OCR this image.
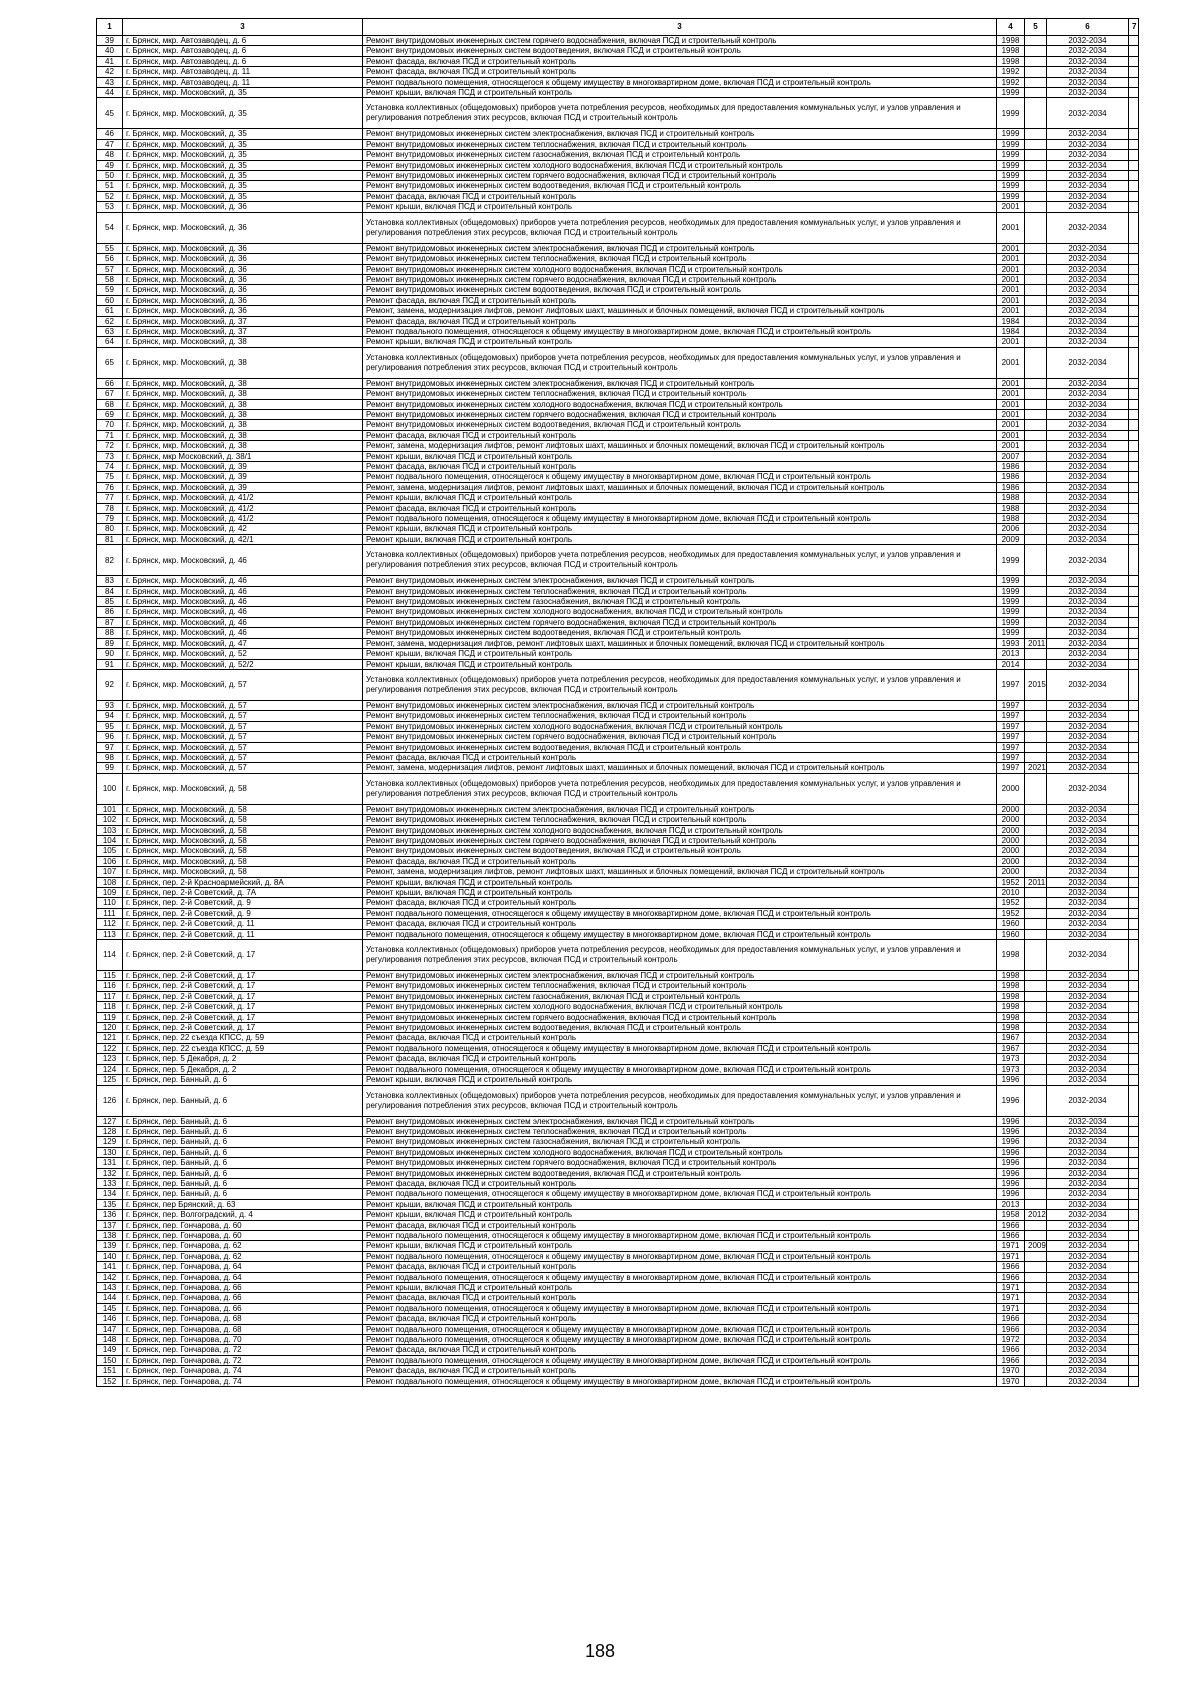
1	3	3	4	5	6	7
39	г. Брянск, мкр. Автозаводец, д. 6	Ремонт внутридомовых инженерных систем горячего водоснабжения, включая ПСД и строительный контроль	1998		2032-2034	
40	г. Брянск, мкр. Автозаводец, д. 6	Ремонт внутридомовых инженерных систем водоотведения, включая ПСД и строительный контроль	1998		2032-2034	
41	г. Брянск, мкр. Автозаводец, д. 6	Ремонт фасада, включая ПСД и строительный контроль	1998		2032-2034	
42	г. Брянск, мкр. Автозаводец, д. 11	Ремонт фасада, включая ПСД и строительный контроль	1992		2032-2034	
43	г. Брянск, мкр. Автозаводец, д. 11	Ремонт подвального помещения, относящегося к общему имуществу в многоквартирном доме, включая ПСД и строительный контроль	1992		2032-2034	
44	г. Брянск, мкр. Московский, д. 35	Ремонт крыши, включая ПСД и строительный контроль	1999		2032-2034	
45	г. Брянск, мкр. Московский, д. 35	Установка коллективных (общедомовых) приборов учета потребления ресурсов, необходимых для предоставления коммунальных услуг, и узлов управления и регулирования потребления этих ресурсов, включая ПСД и строительный контроль	1999		2032-2034	
46	г. Брянск, мкр. Московский, д. 35	Ремонт внутридомовых инженерных систем электроснабжения, включая ПСД и строительный контроль	1999		2032-2034	
47	г. Брянск, мкр. Московский, д. 35	Ремонт внутридомовых инженерных систем теплоснабжения, включая ПСД и строительный контроль	1999		2032-2034	
48	г. Брянск, мкр. Московский, д. 35	Ремонт внутридомовых инженерных систем газоснабжения, включая ПСД и строительный контроль	1999		2032-2034	
49	г. Брянск, мкр. Московский, д. 35	Ремонт внутридомовых инженерных систем холодного водоснабжения, включая ПСД и строительный контроль	1999		2032-2034	
50	г. Брянск, мкр. Московский, д. 35	Ремонт внутридомовых инженерных систем горячего водоснабжения, включая ПСД и строительный контроль	1999		2032-2034	
51	г. Брянск, мкр. Московский, д. 35	Ремонт внутридомовых инженерных систем водоотведения, включая ПСД и строительный контроль	1999		2032-2034	
52	г. Брянск, мкр. Московский, д. 35	Ремонт фасада, включая ПСД и строительный контроль	1999		2032-2034	
53	г. Брянск, мкр. Московский, д. 36	Ремонт крыши, включая ПСД и строительный контроль	2001		2032-2034	
54	г. Брянск, мкр. Московский, д. 36	Установка коллективных (общедомовых) приборов учета потребления ресурсов, необходимых для предоставления коммунальных услуг, и узлов управления и регулирования потребления этих ресурсов, включая ПСД и строительный контроль	2001		2032-2034	
55	г. Брянск, мкр. Московский, д. 36	Ремонт внутридомовых инженерных систем электроснабжения, включая ПСД и строительный контроль	2001		2032-2034	
56	г. Брянск, мкр. Московский, д. 36	Ремонт внутридомовых инженерных систем теплоснабжения, включая ПСД и строительный контроль	2001		2032-2034	
57	г. Брянск, мкр. Московский, д. 36	Ремонт внутридомовых инженерных систем холодного водоснабжения, включая ПСД и строительный контроль	2001		2032-2034	
58	г. Брянск, мкр. Московский, д. 36	Ремонт внутридомовых инженерных систем горячего водоснабжения, включая ПСД и строительный контроль	2001		2032-2034	
59	г. Брянск, мкр. Московский, д. 36	Ремонт внутридомовых инженерных систем водоотведения, включая ПСД и строительный контроль	2001		2032-2034	
60	г. Брянск, мкр. Московский, д. 36	Ремонт фасада, включая ПСД и строительный контроль	2001		2032-2034	
61	г. Брянск, мкр. Московский, д. 36	Ремонт, замена, модернизация лифтов, ремонт лифтовых шахт, машинных и блочных помещений, включая ПСД и строительный контроль	2001		2032-2034	
62	г. Брянск, мкр. Московский, д. 37	Ремонт фасада, включая ПСД и строительный контроль	1984		2032-2034	
63	г. Брянск, мкр. Московский, д. 37	Ремонт подвального помещения, относящегося к общему имуществу в многоквартирном доме, включая ПСД и строительный контроль	1984		2032-2034	
64	г. Брянск, мкр. Московский, д. 38	Ремонт крыши, включая ПСД и строительный контроль	2001		2032-2034	
65	г. Брянск, мкр. Московский, д. 38	Установка коллективных (общедомовых) приборов учета потребления ресурсов, необходимых для предоставления коммунальных услуг, и узлов управления и регулирования потребления этих ресурсов, включая ПСД и строительный контроль	2001		2032-2034	
66	г. Брянск, мкр. Московский, д. 38	Ремонт внутридомовых инженерных систем электроснабжения, включая ПСД и строительный контроль	2001		2032-2034	
67	г. Брянск, мкр. Московский, д. 38	Ремонт внутридомовых инженерных систем теплоснабжения, включая ПСД и строительный контроль	2001		2032-2034	
68	г. Брянск, мкр. Московский, д. 38	Ремонт внутридомовых инженерных систем холодного водоснабжения, включая ПСД и строительный контроль	2001		2032-2034	
69	г. Брянск, мкр. Московский, д. 38	Ремонт внутридомовых инженерных систем горячего водоснабжения, включая ПСД и строительный контроль	2001		2032-2034	
70	г. Брянск, мкр. Московский, д. 38	Ремонт внутридомовых инженерных систем водоотведения, включая ПСД и строительный контроль	2001		2032-2034	
71	г. Брянск, мкр. Московский, д. 38	Ремонт фасада, включая ПСД и строительный контроль	2001		2032-2034	
72	г. Брянск, мкр. Московский, д. 38	Ремонт, замена, модернизация лифтов, ремонт лифтовых шахт, машинных и блочных помещений, включая ПСД и строительный контроль	2001		2032-2034	
73	г. Брянск, мкр Московский, д. 38/1	Ремонт крыши, включая ПСД и строительный контроль	2007		2032-2034	
74	г. Брянск, мкр. Московский, д. 39	Ремонт фасада, включая ПСД и строительный контроль	1986		2032-2034	
75	г. Брянск, мкр. Московский, д. 39	Ремонт подвального помещения, относящегося к общему имуществу в многоквартирном доме, включая ПСД и строительный контроль	1986		2032-2034	
76	г. Брянск, мкр. Московский, д. 39	Ремонт, замена, модернизация лифтов, ремонт лифтовых шахт, машинных и блочных помещений, включая ПСД и строительный контроль	1986		2032-2034	
77	г. Брянск, мкр. Московский, д. 41/2	Ремонт крыши, включая ПСД и строительный контроль	1988		2032-2034	
78	г. Брянск, мкр. Московский, д. 41/2	Ремонт фасада, включая ПСД и строительный контроль	1988		2032-2034	
79	г. Брянск, мкр. Московский, д. 41/2	Ремонт подвального помещения, относящегося к общему имуществу в многоквартирном доме, включая ПСД и строительный контроль	1988		2032-2034	
80	г. Брянск, мкр. Московский, д. 42	Ремонт крыши, включая ПСД и строительный контроль	2006		2032-2034	
81	г. Брянск, мкр. Московский, д. 42/1	Ремонт крыши, включая ПСД и строительный контроль	2009		2032-2034	
82	г. Брянск, мкр. Московский, д. 46	Установка коллективных (общедомовых) приборов учета потребления ресурсов, необходимых для предоставления коммунальных услуг, и узлов управления и регулирования потребления этих ресурсов, включая ПСД и строительный контроль	1999		2032-2034	
83	г. Брянск, мкр. Московский, д. 46	Ремонт внутридомовых инженерных систем электроснабжения, включая ПСД и строительный контроль	1999		2032-2034	
84	г. Брянск, мкр. Московский, д. 46	Ремонт внутридомовых инженерных систем теплоснабжения, включая ПСД и строительный контроль	1999		2032-2034	
85	г. Брянск, мкр. Московский, д. 46	Ремонт внутридомовых инженерных систем газоснабжения, включая ПСД и строительный контроль	1999		2032-2034	
86	г. Брянск, мкр. Московский, д. 46	Ремонт внутридомовых инженерных систем холодного водоснабжения, включая ПСД и строительный контроль	1999		2032-2034	
87	г. Брянск, мкр. Московский, д. 46	Ремонт внутридомовых инженерных систем горячего водоснабжения, включая ПСД и строительный контроль	1999		2032-2034	
88	г. Брянск, мкр. Московский, д. 46	Ремонт внутридомовых инженерных систем водоотведения, включая ПСД и строительный контроль	1999		2032-2034	
89	г. Брянск, мкр. Московский, д. 47	Ремонт, замена, модернизация лифтов, ремонт лифтовых шахт, машинных и блочных помещений, включая ПСД и строительный контроль	1993	2011	2032-2034	
90	г. Брянск, мкр. Московский, д. 52	Ремонт крыши, включая ПСД и строительный контроль	2013		2032-2034	
91	г. Брянск, мкр. Московский, д. 52/2	Ремонт крыши, включая ПСД и строительный контроль	2014		2032-2034	
92	г. Брянск, мкр. Московский, д. 57	Установка коллективных (общедомовых) приборов учета потребления ресурсов, необходимых для предоставления коммунальных услуг, и узлов управления и регулирования потребления этих ресурсов, включая ПСД и строительный контроль	1997	2015	2032-2034	
93	г. Брянск, мкр. Московский, д. 57	Ремонт внутридомовых инженерных систем электроснабжения, включая ПСД и строительный контроль	1997		2032-2034	
94	г. Брянск, мкр. Московский, д. 57	Ремонт внутридомовых инженерных систем теплоснабжения, включая ПСД и строительный контроль	1997		2032-2034	
95	г. Брянск, мкр. Московский, д. 57	Ремонт внутридомовых инженерных систем холодного водоснабжения, включая ПСД и строительный контроль	1997		2032-2034	
96	г. Брянск, мкр. Московский, д. 57	Ремонт внутридомовых инженерных систем горячего водоснабжения, включая ПСД и строительный контроль	1997		2032-2034	
97	г. Брянск, мкр. Московский, д. 57	Ремонт внутридомовых инженерных систем водоотведения, включая ПСД и строительный контроль	1997		2032-2034	
98	г. Брянск, мкр. Московский, д. 57	Ремонт фасада, включая ПСД и строительный контроль	1997		2032-2034	
99	г. Брянск, мкр. Московский, д. 57	Ремонт, замена, модернизация лифтов, ремонт лифтовых шахт, машинных и блочных помещений, включая ПСД и строительный контроль	1997	2021	2032-2034	
100	г. Брянск, мкр. Московский, д. 58	Установка коллективных (общедомовых) приборов учета потребления ресурсов, необходимых для предоставления коммунальных услуг, и узлов управления и регулирования потребления этих ресурсов, включая ПСД и строительный контроль	2000		2032-2034	
101	г. Брянск, мкр. Московский, д. 58	Ремонт внутридомовых инженерных систем электроснабжения, включая ПСД и строительный контроль	2000		2032-2034	
102	г. Брянск, мкр. Московский, д. 58	Ремонт внутридомовых инженерных систем теплоснабжения, включая ПСД и строительный контроль	2000		2032-2034	
103	г. Брянск, мкр. Московский, д. 58	Ремонт внутридомовых инженерных систем холодного водоснабжения, включая ПСД и строительный контроль	2000		2032-2034	
104	г. Брянск, мкр. Московский, д. 58	Ремонт внутридомовых инженерных систем горячего водоснабжения, включая ПСД и строительный контроль	2000		2032-2034	
105	г. Брянск, мкр. Московский, д. 58	Ремонт внутридомовых инженерных систем водоотведения, включая ПСД и строительный контроль	2000		2032-2034	
106	г. Брянск, мкр. Московский, д. 58	Ремонт фасада, включая ПСД и строительный контроль	2000		2032-2034	
107	г. Брянск, мкр. Московский, д. 58	Ремонт, замена, модернизация лифтов, ремонт лифтовых шахт, машинных и блочных помещений, включая ПСД и строительный контроль	2000		2032-2034	
108	г. Брянск, пер. 2-й Красноармейский, д. 8А	Ремонт крыши, включая ПСД и строительный контроль	1952	2011	2032-2034	
109	г. Брянск, пер. 2-й Советский, д. 7А	Ремонт крыши, включая ПСД и строительный контроль	2010		2032-2034	
110	г. Брянск, пер. 2-й Советский, д. 9	Ремонт фасада, включая ПСД и строительный контроль	1952		2032-2034	
111	г. Брянск, пер. 2-й Советский, д. 9	Ремонт подвального помещения, относящегося к общему имуществу в многоквартирном доме, включая ПСД и строительный контроль	1952		2032-2034	
112	г. Брянск, пер. 2-й Советский, д. 11	Ремонт фасада, включая ПСД и строительный контроль	1960		2032-2034	
113	г. Брянск, пер. 2-й Советский, д. 11	Ремонт подвального помещения, относящегося к общему имуществу в многоквартирном доме, включая ПСД и строительный контроль	1960		2032-2034	
114	г. Брянск, пер. 2-й Советский, д. 17	Установка коллективных (общедомовых) приборов учета потребления ресурсов, необходимых для предоставления коммунальных услуг, и узлов управления и регулирования потребления этих ресурсов, включая ПСД и строительный контроль	1998		2032-2034	
115	г. Брянск, пер. 2-й Советский, д. 17	Ремонт внутридомовых инженерных систем электроснабжения, включая ПСД и строительный контроль	1998		2032-2034	
116	г. Брянск, пер. 2-й Советский, д. 17	Ремонт внутридомовых инженерных систем теплоснабжения, включая ПСД и строительный контроль	1998		2032-2034	
117	г. Брянск, пер. 2-й Советский, д. 17	Ремонт внутридомовых инженерных систем газоснабжения, включая ПСД и строительный контроль	1998		2032-2034	
118	г. Брянск, пер. 2-й Советский, д. 17	Ремонт внутридомовых инженерных систем холодного водоснабжения, включая ПСД и строительный контроль	1998		2032-2034	
119	г. Брянск, пер. 2-й Советский, д. 17	Ремонт внутридомовых инженерных систем горячего водоснабжения, включая ПСД и строительный контроль	1998		2032-2034	
120	г. Брянск, пер. 2-й Советский, д. 17	Ремонт внутридомовых инженерных систем водоотведения, включая ПСД и строительный контроль	1998		2032-2034	
121	г. Брянск, пер. 22 съезда КПСС, д. 59	Ремонт фасада, включая ПСД и строительный контроль	1967		2032-2034	
122	г. Брянск, пер. 22 съезда КПСС, д. 59	Ремонт подвального помещения, относящегося к общему имуществу в многоквартирном доме, включая ПСД и строительный контроль	1967		2032-2034	
123	г. Брянск, пер. 5 Декабря, д. 2	Ремонт фасада, включая ПСД и строительный контроль	1973		2032-2034	
124	г. Брянск, пер. 5 Декабря, д. 2	Ремонт подвального помещения, относящегося к общему имуществу в многоквартирном доме, включая ПСД и строительный контроль	1973		2032-2034	
125	г. Брянск, пер. Банный, д. 6	Ремонт крыши, включая ПСД и строительный контроль	1996		2032-2034	
126	г. Брянск, пер. Банный, д. 6	Установка коллективных (общедомовых) приборов учета потребления ресурсов, необходимых для предоставления коммунальных услуг, и узлов управления и регулирования потребления этих ресурсов, включая ПСД и строительный контроль	1996		2032-2034	
127	г. Брянск, пер. Банный, д. 6	Ремонт внутридомовых инженерных систем электроснабжения, включая ПСД и строительный контроль	1996		2032-2034	
128	г. Брянск, пер. Банный, д. 6	Ремонт внутридомовых инженерных систем теплоснабжения, включая ПСД и строительный контроль	1996		2032-2034	
129	г. Брянск, пер. Банный, д. 6	Ремонт внутридомовых инженерных систем газоснабжения, включая ПСД и строительный контроль	1996		2032-2034	
130	г. Брянск, пер. Банный, д. 6	Ремонт внутридомовых инженерных систем холодного водоснабжения, включая ПСД и строительный контроль	1996		2032-2034	
131	г. Брянск, пер. Банный, д. 6	Ремонт внутридомовых инженерных систем горячего водоснабжения, включая ПСД и строительный контроль	1996		2032-2034	
132	г. Брянск, пер. Банный, д. 6	Ремонт внутридомовых инженерных систем водоотведения, включая ПСД и строительный контроль	1996		2032-2034	
133	г. Брянск, пер. Банный, д. 6	Ремонт фасада, включая ПСД и строительный контроль	1996		2032-2034	
134	г. Брянск, пер. Банный, д. 6	Ремонт подвального помещения, относящегося к общему имуществу в многоквартирном доме, включая ПСД и строительный контроль	1996		2032-2034	
135	г. Брянск, пер Брянский, д. 63	Ремонт крыши, включая ПСД и строительный контроль	2013		2032-2034	
136	г. Брянск, пер. Волгоградский, д. 4	Ремонт крыши, включая ПСД и строительный контроль	1958	2012	2032-2034	
137	г. Брянск, пер. Гончарова, д. 60	Ремонт фасада, включая ПСД и строительный контроль	1966		2032-2034	
138	г. Брянск, пер. Гончарова, д. 60	Ремонт подвального помещения, относящегося к общему имуществу в многоквартирном доме, включая ПСД и строительный контроль	1966		2032-2034	
139	г. Брянск, пер. Гончарова, д. 62	Ремонт крыши, включая ПСД и строительный контроль	1971	2009	2032-2034	
140	г. Брянск, пер. Гончарова, д. 62	Ремонт подвального помещения, относящегося к общему имуществу в многоквартирном доме, включая ПСД и строительный контроль	1971		2032-2034	
141	г. Брянск, пер. Гончарова, д. 64	Ремонт фасада, включая ПСД и строительный контроль	1966		2032-2034	
142	г. Брянск, пер. Гончарова, д. 64	Ремонт подвального помещения, относящегося к общему имуществу в многоквартирном доме, включая ПСД и строительный контроль	1966		2032-2034	
143	г. Брянск, пер. Гончарова, д. 66	Ремонт крыши, включая ПСД и строительный контроль	1971		2032-2034	
144	г. Брянск, пер. Гончарова, д. 66	Ремонт фасада, включая ПСД и строительный контроль	1971		2032-2034	
145	г. Брянск, пер. Гончарова, д. 66	Ремонт подвального помещения, относящегося к общему имуществу в многоквартирном доме, включая ПСД и строительный контроль	1971		2032-2034	
146	г. Брянск, пер. Гончарова, д. 68	Ремонт фасада, включая ПСД и строительный контроль	1966		2032-2034	
147	г. Брянск, пер. Гончарова, д. 68	Ремонт подвального помещения, относящегося к общему имуществу в многоквартирном доме, включая ПСД и строительный контроль	1966		2032-2034	
148	г. Брянск, пер. Гончарова, д. 70	Ремонт подвального помещения, относящегося к общему имуществу в многоквартирном доме, включая ПСД и строительный контроль	1972		2032-2034	
149	г. Брянск, пер. Гончарова, д. 72	Ремонт фасада, включая ПСД и строительный контроль	1966		2032-2034	
150	г. Брянск, пер. Гончарова, д. 72	Ремонт подвального помещения, относящегося к общему имуществу в многоквартирном доме, включая ПСД и строительный контроль	1966		2032-2034	
151	г. Брянск, пер. Гончарова, д. 74	Ремонт фасада, включая ПСД и строительный контроль	1970		2032-2034	
152	г. Брянск, пер. Гончарова, д. 74	Ремонт подвального помещения, относящегося к общему имуществу в многоквартирном доме, включая ПСД и строительный контроль	1970		2032-2034	
188
